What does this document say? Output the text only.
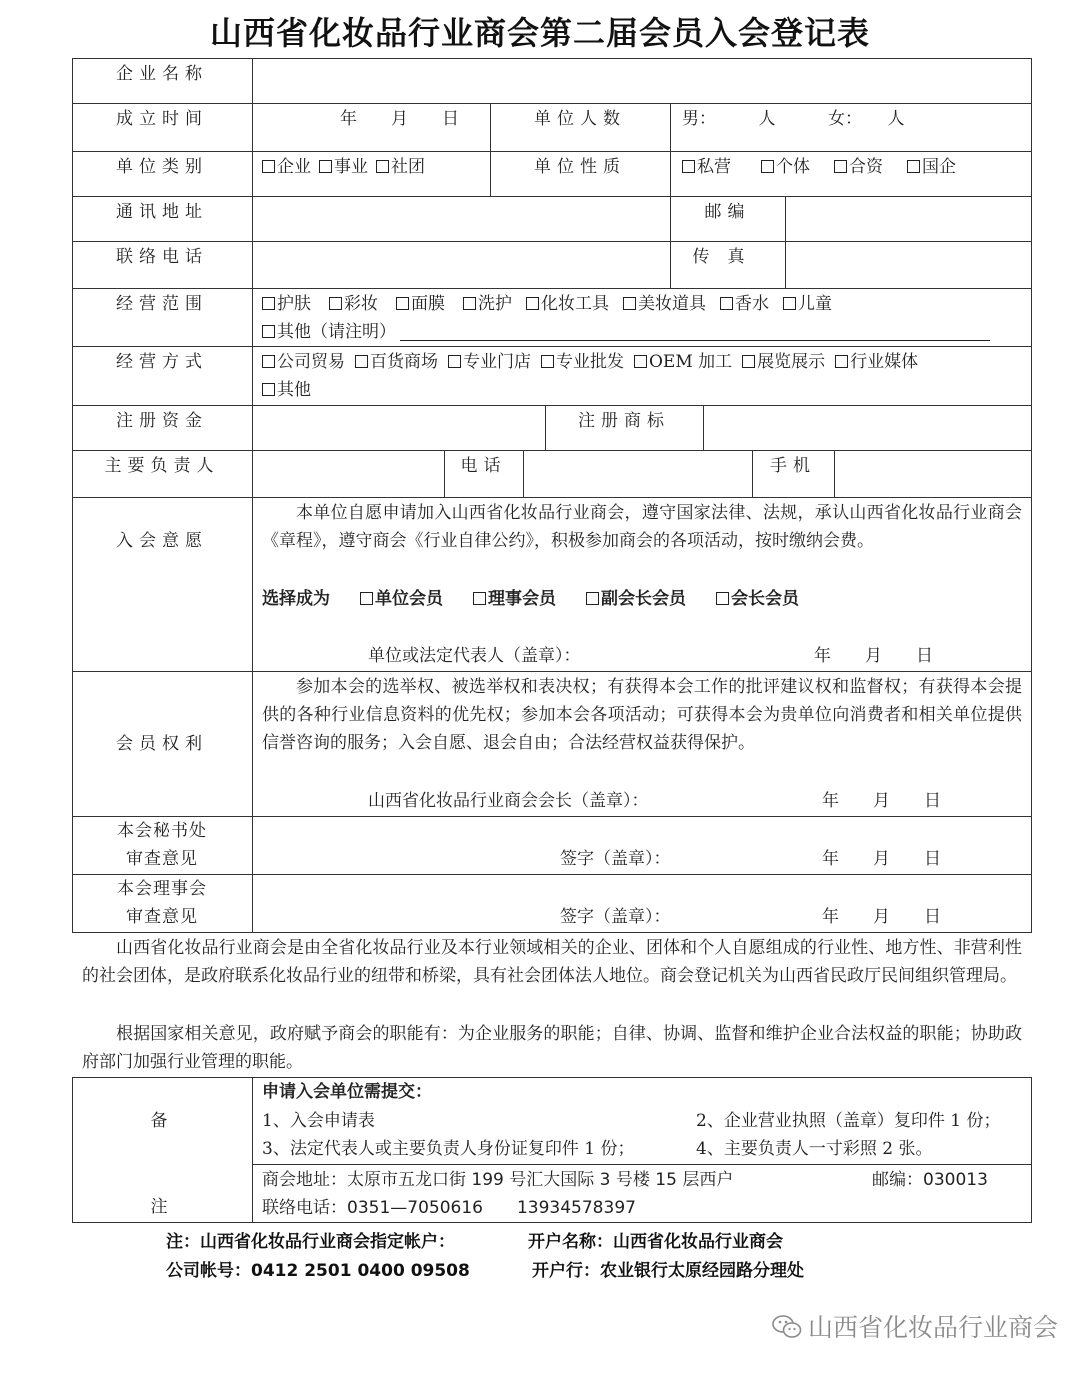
山西省化妆品行业商会第二届会员入会登记表
企业名称
成立时间	年　　月　　日	单位人数	男：　　　人	女：　　人
单位类别	企业 事业 社团	单位性质	私营	个体 合资 国企
通讯地址	邮编
联络电话	传真
经营范围	护肤 彩妆 面膜 洗护 化妆工具 美妆道具 香水 儿童
其他（请注明）
经营方式	公司贸易 百货商场 专业门店 专业批发 OEM 加工 展览展示 行业媒体
其他
注册资金	注册商标
主要负责人	电话	手机
入会意愿
本单位自愿申请加入山西省化妆品行业商会，遵守国家法律、法规，承认山西省化妆品行业商会《章程》，遵守商会《行业自律公约》，积极参加商会的各项活动，按时缴纳会费。
选择成为	单位会员	理事会员	副会长会员	会长会员
单位或法定代表人（盖章）：	年　　月　　日
会员权利
参加本会的选举权、被选举权和表决权；有获得本会工作的批评建议权和监督权；有获得本会提供的各种行业信息资料的优先权；参加本会各项活动；可获得本会为贵单位向消费者和相关单位提供信誉咨询的服务；入会自愿、退会自由；合法经营权益获得保护。
山西省化妆品行业商会会长（盖章）：	年　　月　　日
本会秘书处
审查意见	签字（盖章）：	年　　月　　日
本会理事会
审查意见	签字（盖章）：	年　　月　　日
山西省化妆品行业商会是由全省化妆品行业及本行业领域相关的企业、团体和个人自愿组成的行业性、地方性、非营利性的社会团体，是政府联系化妆品行业的纽带和桥梁，具有社会团体法人地位。商会登记机关为山西省民政厅民间组织管理局。
根据国家相关意见，政府赋予商会的职能有：为企业服务的职能；自律、协调、监督和维护企业合法权益的职能；协助政府部门加强行业管理的职能。
备
注
申请入会单位需提交：
1、入会申请表	2、企业营业执照（盖章）复印件 1 份；
3、法定代表人或主要负责人身份证复印件 1 份；	4、主要负责人一寸彩照 2 张。
商会地址：太原市五龙口街 199 号汇大国际 3 号楼 15 层西户	邮编：030013
联络电话：0351—7050616　　13934578397
注：山西省化妆品行业商会指定帐户：	开户名称：山西省化妆品行业商会
公司帐号：0412 2501 0400 09508	开户行：农业银行太原经园路分理处
山西省化妆品行业商会
